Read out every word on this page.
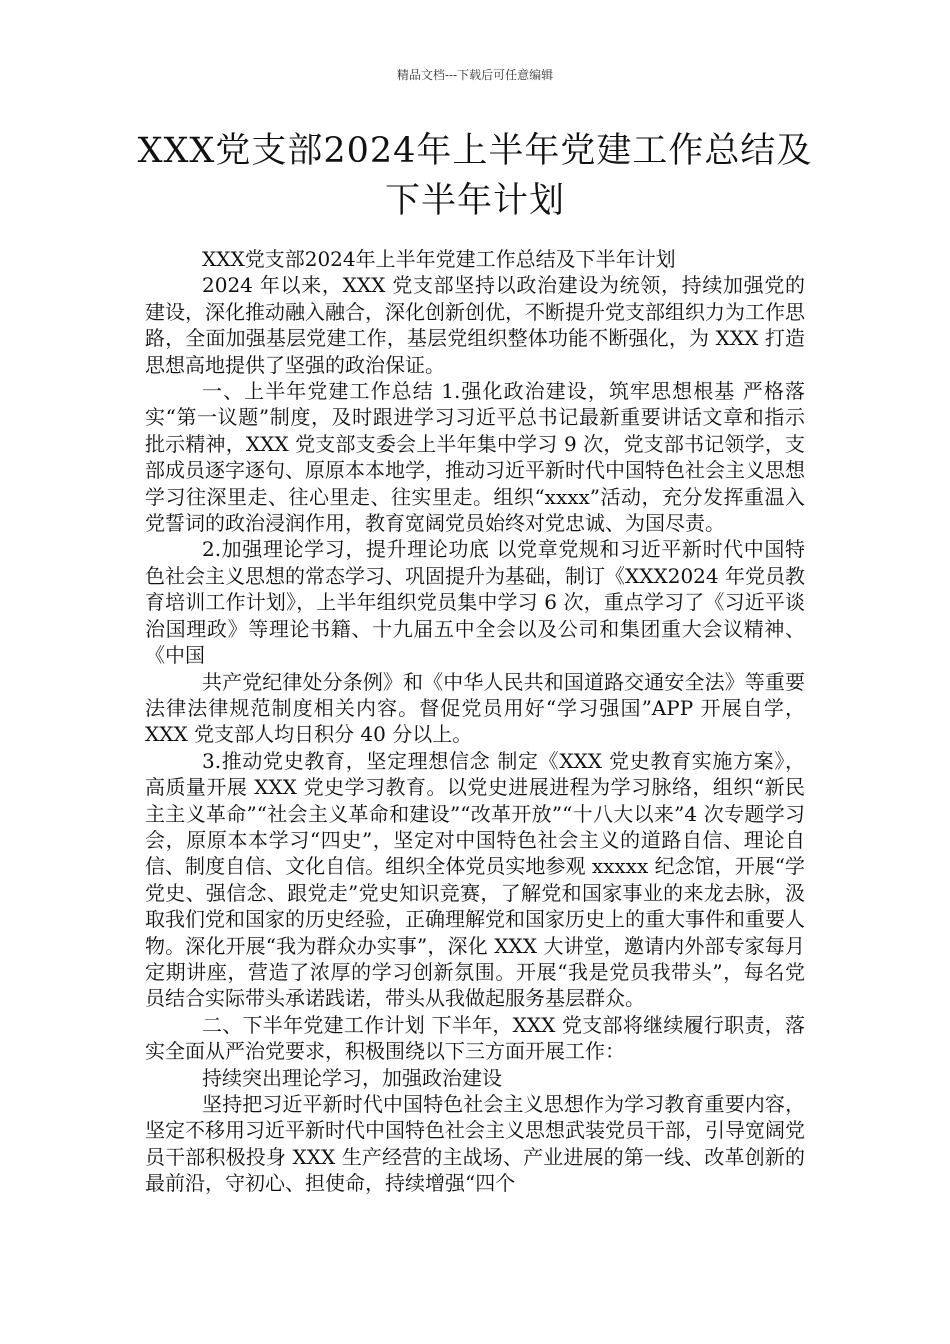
精品文档---下载后可任意编辑
XXX党支部2024年上半年党建工作总结及
下半年计划

XXX党支部2024年上半年党建工作总结及下半年计划

2024 年以来，XXX 党支部坚持以政治建设为统领，持续加强党的建设，深化推动融入融合，深化创新创优，不断提升党支部组织力为工作思路，全面加强基层党建工作，基层党组织整体功能不断强化，为 XXX 打造思想高地提供了坚强的政治保证。

一、上半年党建工作总结 1.强化政治建设，筑牢思想根基 严格落实“第一议题”制度，及时跟进学习习近平总书记最新重要讲话文章和指示批示精神，XXX 党支部支委会上半年集中学习 9 次，党支部书记领学，支部成员逐字逐句、原原本本地学，推动习近平新时代中国特色社会主义思想学习往深里走、往心里走、往实里走。组织“xxxx”活动，充分发挥重温入党誓词的政治浸润作用，教育宽阔党员始终对党忠诚、为国尽责。

2.加强理论学习，提升理论功底 以党章党规和习近平新时代中国特色社会主义思想的常态学习、巩固提升为基础，制订《XXX2024 年党员教育培训工作计划》，上半年组织党员集中学习 6 次，重点学习了《习近平谈治国理政》等理论书籍、十九届五中全会以及公司和集团重大会议精神、《中国

共产党纪律处分条例》和《中华人民共和国道路交通安全法》等重要法律法律规范制度相关内容。督促党员用好“学习强国”APP 开展自学，XXX 党支部人均日积分 40 分以上。

3.推动党史教育，坚定理想信念 制定《XXX 党史教育实施方案》，高质量开展 XXX 党史学习教育。以党史进展进程为学习脉络，组织“新民主主义革命”“社会主义革命和建设”“改革开放”“十八大以来”4 次专题学习会，原原本本学习“四史”，坚定对中国特色社会主义的道路自信、理论自信、制度自信、文化自信。组织全体党员实地参观 xxxxx 纪念馆，开展“学党史、强信念、跟党走”党史知识竞赛，了解党和国家事业的来龙去脉，汲取我们党和国家的历史经验，正确理解党和国家历史上的重大事件和重要人物。深化开展“我为群众办实事”，深化 XXX 大讲堂，邀请内外部专家每月定期讲座，营造了浓厚的学习创新氛围。开展“我是党员我带头”，每名党员结合实际带头承诺践诺，带头从我做起服务基层群众。

二、下半年党建工作计划 下半年，XXX 党支部将继续履行职责，落实全面从严治党要求，积极围绕以下三方面开展工作：

持续突出理论学习，加强政治建设

坚持把习近平新时代中国特色社会主义思想作为学习教育重要内容，坚定不移用习近平新时代中国特色社会主义思想武装党员干部，引导宽阔党员干部积极投身 XXX 生产经营的主战场、产业进展的第一线、改革创新的最前沿，守初心、担使命，持续增强“四个
